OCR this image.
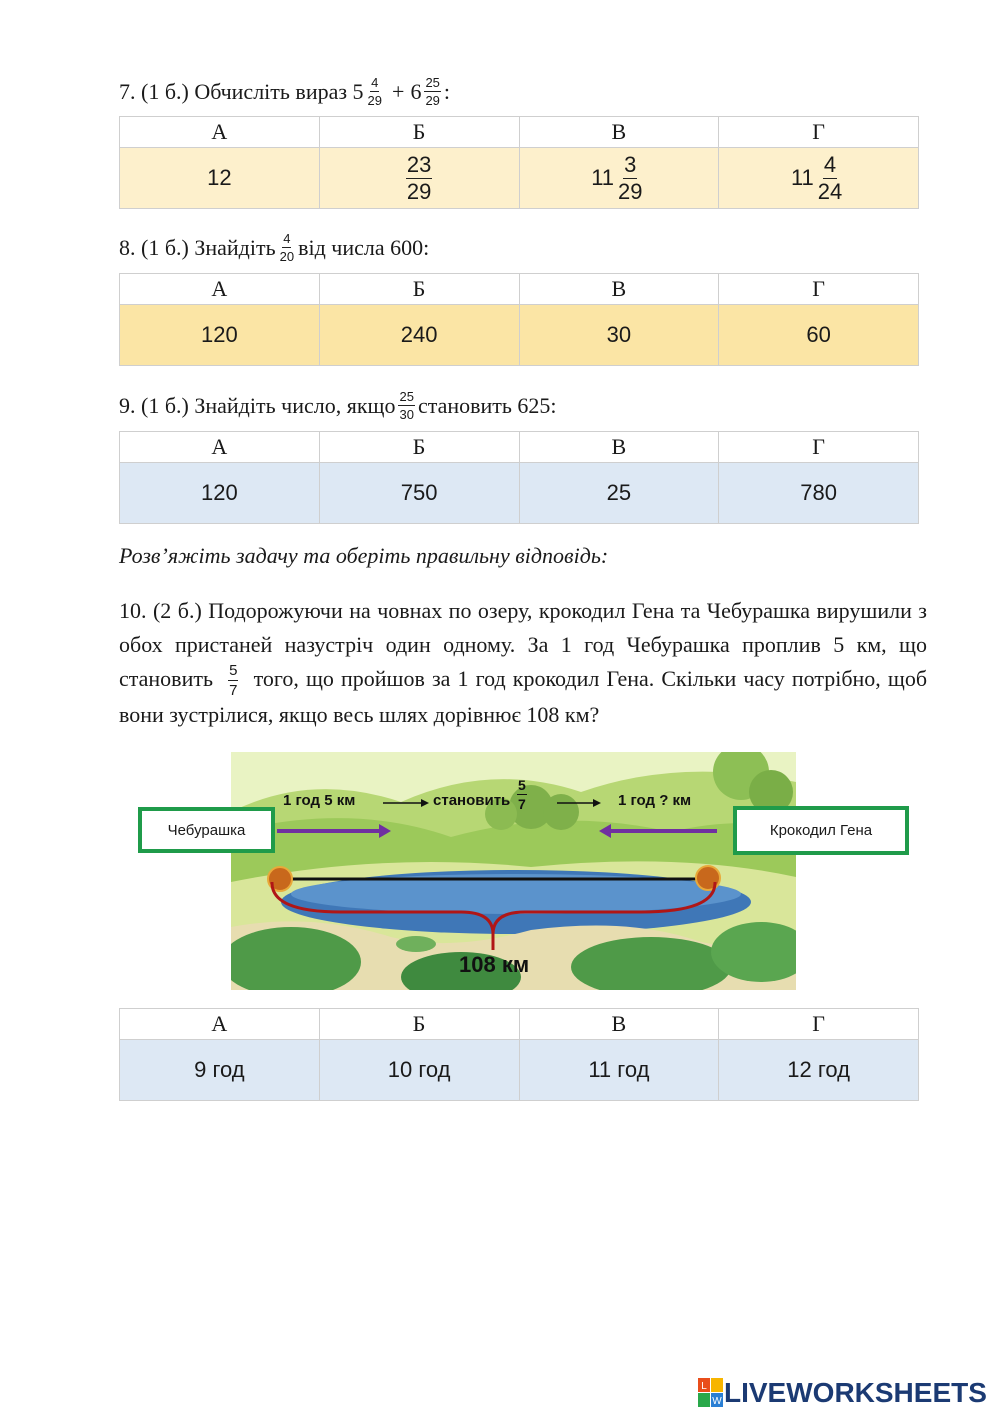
7. (1 б.) Обчисліть вираз
$5 \frac{4}{29} + 6 \frac{25}{29}$ :
А	Б	В	Г
12	$\frac{23}{29}$	$11 \frac{3}{29}$	$11 \frac{4}{24}$
8. (1 б.) Знайдіть $\frac{4}{20}$ від числа 600:
А	Б	В	Г
120	240	30	60
9. (1 б.) Знайдіть число, якщо $\frac{25}{30}$ становить 625:
А	Б	В	Г
120	750	25	780
Розв’яжіть задачу та оберіть правильну відповідь:
10. (2 б.) Подорожуючи на човнах по озеру, крокодил Гена та Чебурашка вирушили з обох пристаней назустріч один одному. За 1 год Чебурашка проплив 5 км, що становить $\frac{5}{7}$ того, що пройшов за 1 год крокодил Гена. Скільки часу потрібно, щоб вони зустрілися, якщо весь шлях дорівнює 108 км?
1 год 5 км	становить $\frac{5}{7}$	1 год ? км
108 км
Чебурашка	Крокодил Гена
А	Б	В	Г
9 год	10 год	11 год	12 год
L
W LIVEWORKSHEETS
